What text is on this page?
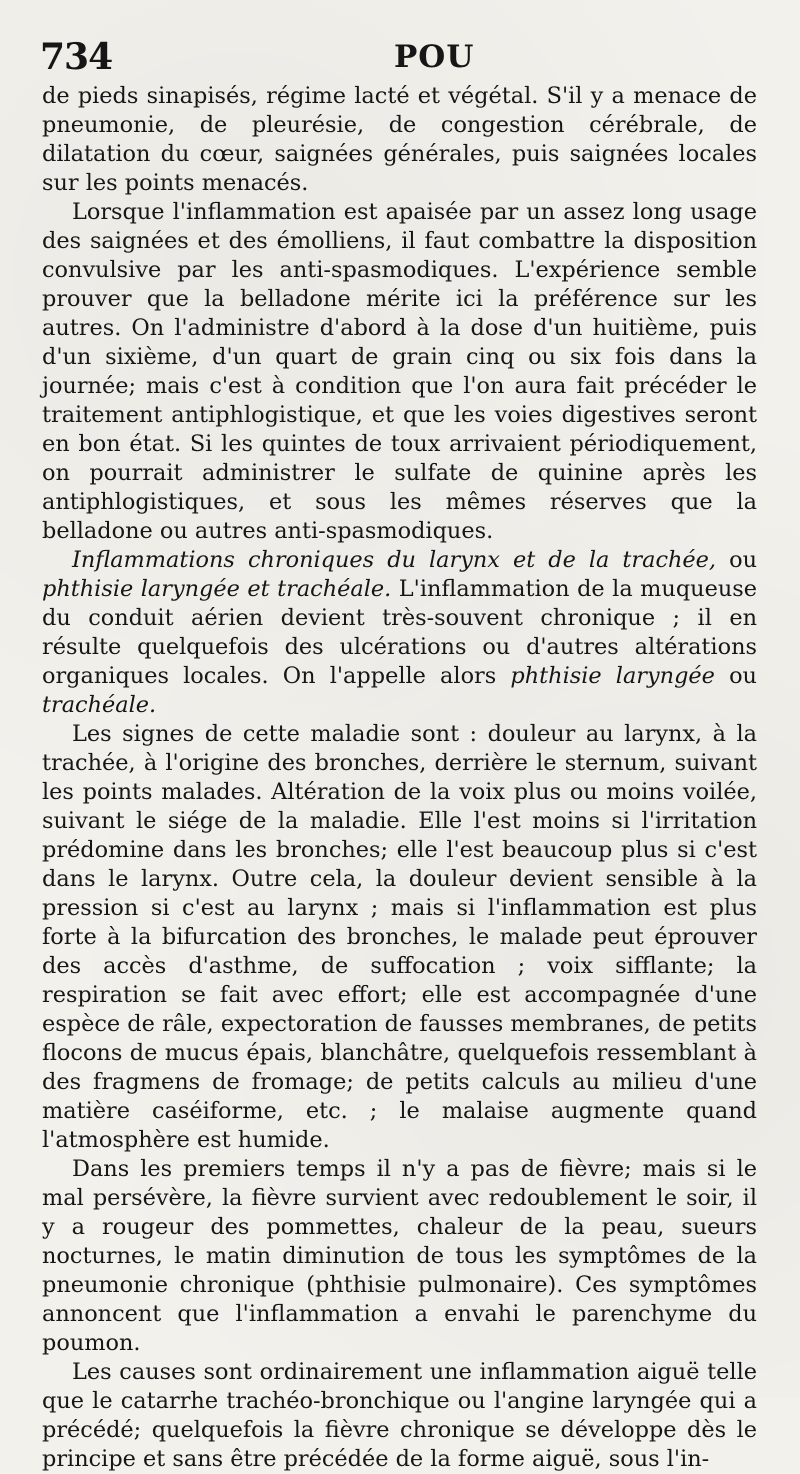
734	POU

de pieds sinapisés, régime lacté et végétal. S'il y a menace de pneumonie, de pleurésie, de congestion cérébrale, de dilatation du cœur, saignées générales, puis saignées locales sur les points menacés.

Lorsque l'inflammation est apaisée par un assez long usage des saignées et des émolliens, il faut combattre la disposition convulsive par les anti-spasmodiques. L'expérience semble prouver que la belladone mérite ici la préférence sur les autres. On l'administre d'abord à la dose d'un huitième, puis d'un sixième, d'un quart de grain cinq ou six fois dans la journée; mais c'est à condition que l'on aura fait précéder le traitement antiphlogistique, et que les voies digestives seront en bon état. Si les quintes de toux arrivaient périodiquement, on pourrait administrer le sulfate de quinine après les antiphlogistiques, et sous les mêmes réserves que la belladone ou autres anti-spasmodiques.

Inflammations chroniques du larynx et de la trachée, ou phthisie laryngée et trachéale. L'inflammation de la muqueuse du conduit aérien devient très-souvent chronique ; il en résulte quelquefois des ulcérations ou d'autres altérations organiques locales. On l'appelle alors phthisie laryngée ou trachéale.

Les signes de cette maladie sont : douleur au larynx, à la trachée, à l'origine des bronches, derrière le sternum, suivant les points malades. Altération de la voix plus ou moins voilée, suivant le siége de la maladie. Elle l'est moins si l'irritation prédomine dans les bronches; elle l'est beaucoup plus si c'est dans le larynx. Outre cela, la douleur devient sensible à la pression si c'est au larynx ; mais si l'inflammation est plus forte à la bifurcation des bronches, le malade peut éprouver des accès d'asthme, de suffocation ; voix sifflante; la respiration se fait avec effort; elle est accompagnée d'une espèce de râle, expectoration de fausses membranes, de petits flocons de mucus épais, blanchâtre, quelquefois ressemblant à des fragmens de fromage; de petits calculs au milieu d'une matière caséiforme, etc. ; le malaise augmente quand l'atmosphère est humide.

Dans les premiers temps il n'y a pas de fièvre; mais si le mal persévère, la fièvre survient avec redoublement le soir, il y a rougeur des pommettes, chaleur de la peau, sueurs nocturnes, le matin diminution de tous les symptômes de la pneumonie chronique (phthisie pulmonaire). Ces symptômes annoncent que l'inflammation a envahi le parenchyme du poumon.

Les causes sont ordinairement une inflammation aiguë telle que le catarrhe trachéo-bronchique ou l'angine laryngée qui a précédé; quelquefois la fièvre chronique se développe dès le principe et sans être précédée de la forme aiguë, sous l'in-
